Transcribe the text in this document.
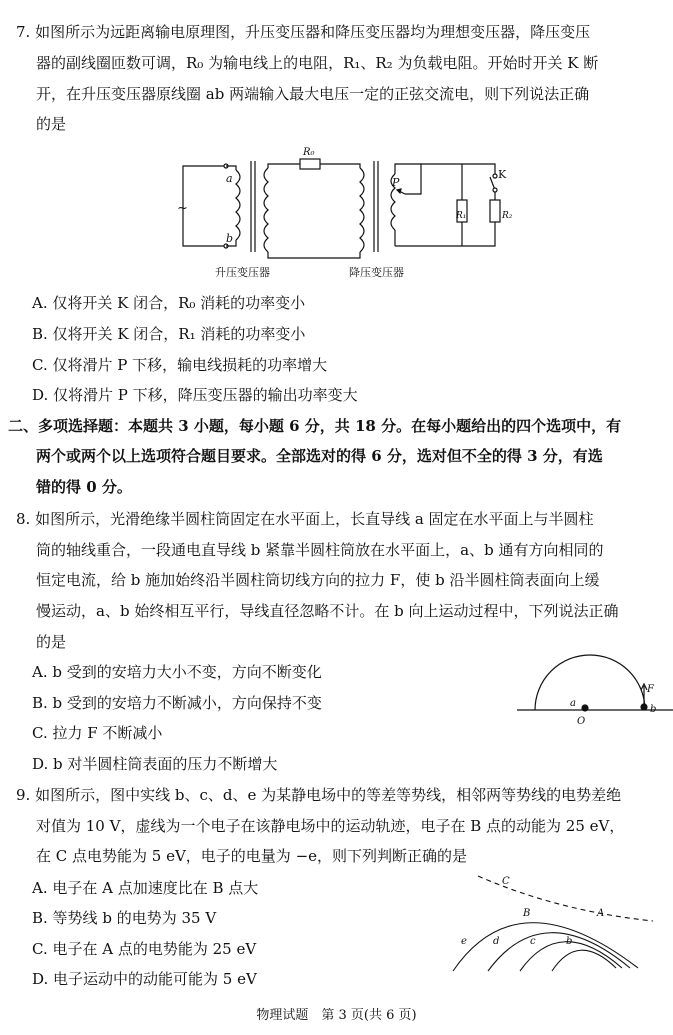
7. 如图所示为远距离输电原理图，升压变压器和降压变压器均为理想变压器，降压变压
器的副线圈匝数可调，R₀ 为输电线上的电阻，R₁、R₂ 为负载电阻。开始时开关 K 断
开，在升压变压器原线圈 ab 两端输入最大电压一定的正弦交流电，则下列说法正确
的是
~
a
b
R₀
P
R₁
K
R₂
升压变压器	降压变压器
A. 仅将开关 K 闭合，R₀ 消耗的功率变小
B. 仅将开关 K 闭合，R₁ 消耗的功率变小
C. 仅将滑片 P 下移，输电线损耗的功率增大
D. 仅将滑片 P 下移，降压变压器的输出功率变大
二、多项选择题：本题共 3 小题，每小题 6 分，共 18 分。在每小题给出的四个选项中，有
两个或两个以上选项符合题目要求。全部选对的得 6 分，选对但不全的得 3 分，有选
错的得 0 分。
8. 如图所示，光滑绝缘半圆柱筒固定在水平面上，长直导线 a 固定在水平面上与半圆柱
筒的轴线重合，一段通电直导线 b 紧靠半圆柱筒放在水平面上，a、b 通有方向相同的
恒定电流，给 b 施加始终沿半圆柱筒切线方向的拉力 F，使 b 沿半圆柱筒表面向上缓
慢运动，a、b 始终相互平行，导线直径忽略不计。在 b 向上运动过程中，下列说法正确
的是
A. b 受到的安培力大小不变，方向不断变化
B. b 受到的安培力不断减小，方向保持不变
C. 拉力 F 不断减小
D. b 对半圆柱筒表面的压力不断增大
a
O
F
b
9. 如图所示，图中实线 b、c、d、e 为某静电场中的等差等势线，相邻两等势线的电势差绝
对值为 10 V，虚线为一个电子在该静电场中的运动轨迹，电子在 B 点的动能为 25 eV，
在 C 点电势能为 5 eV，电子的电量为 −e，则下列判断正确的是
A. 电子在 A 点加速度比在 B 点大
B. 等势线 b 的电势为 35 V
C. 电子在 A 点的电势能为 25 eV
D. 电子运动中的动能可能为 5 eV
C
B	A
e	d	c	b
物理试题　第 3 页(共 6 页)
